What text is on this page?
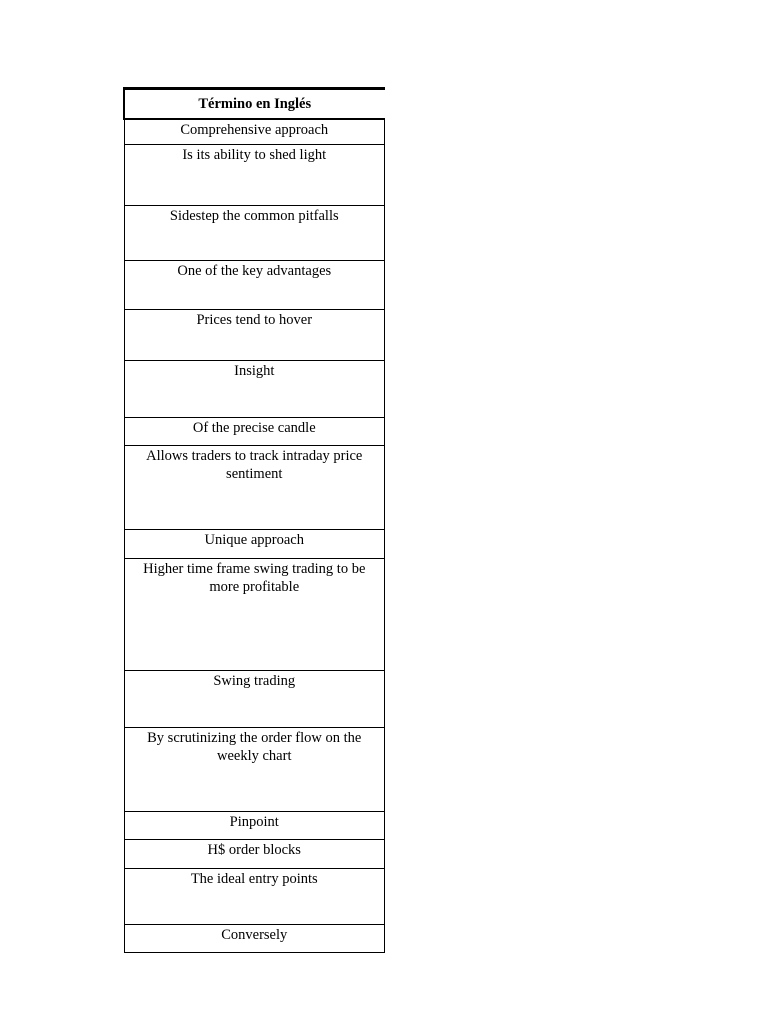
Término en Inglés
Comprehensive approach
Is its ability to shed light
Sidestep the common pitfalls
One of the key advantages
Prices tend to hover
Insight
Of the precise candle
Allows traders to track intraday price sentiment
Unique approach
Higher time frame swing trading to be more profitable
Swing trading
By scrutinizing the order flow on the weekly chart
Pinpoint
H$ order blocks
The ideal entry points
Conversely
